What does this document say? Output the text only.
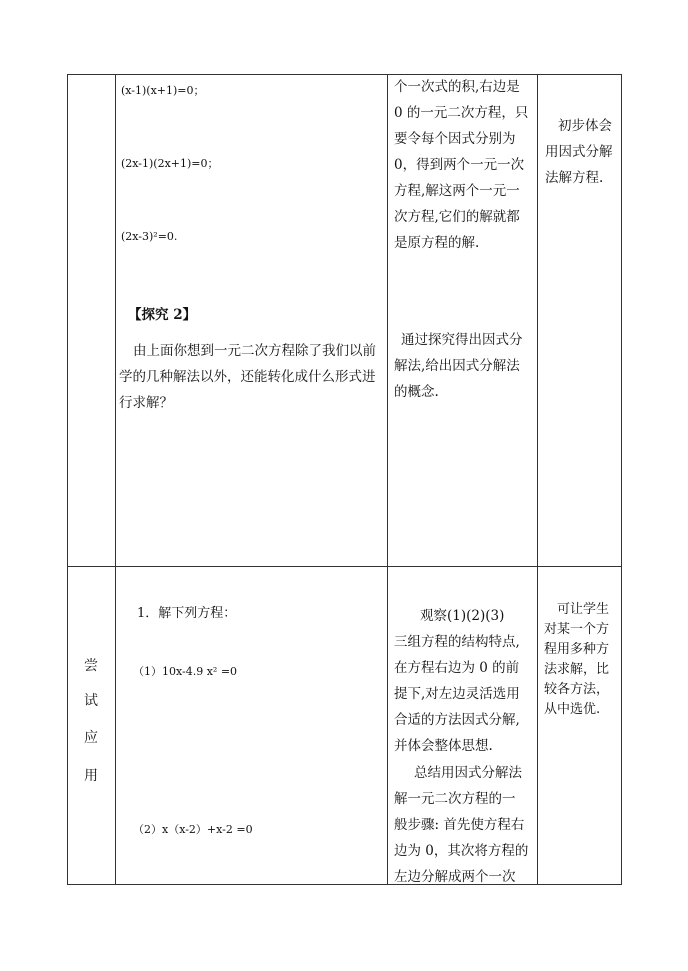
(x-1)(x+1)=0；
(2x-1)(2x+1)=0；
(2x-3)²=0.
【探究 2】
由上面你想到一元二次方程除了我们以前
学的几种解法以外，还能转化成什么形式进
行求解？
个一次式的积,右边是
0 的一元二次方程，只
要令每个因式分别为
0，得到两个一元一次
方程,解这两个一元一
次方程,它们的解就都
是原方程的解.
通过探究得出因式分
解法,给出因式分解法
的概念.
初步体会
用因式分解
法解方程.
尝
试
应
用
1．解下列方程：
（1）10x-4.9 x² =0
（2）x（x-2）+x-2 =0
观察(1)(2)(3)
三组方程的结构特点,
在方程右边为 0 的前
提下,对左边灵活选用
合适的方法因式分解,
并体会整体思想.
总结用因式分解法
解一元二次方程的一
般步骤: 首先使方程右
边为 0，其次将方程的
左边分解成两个一次
可让学生
对某一个方
程用多种方
法求解，比
较各方法，
从中选优.
